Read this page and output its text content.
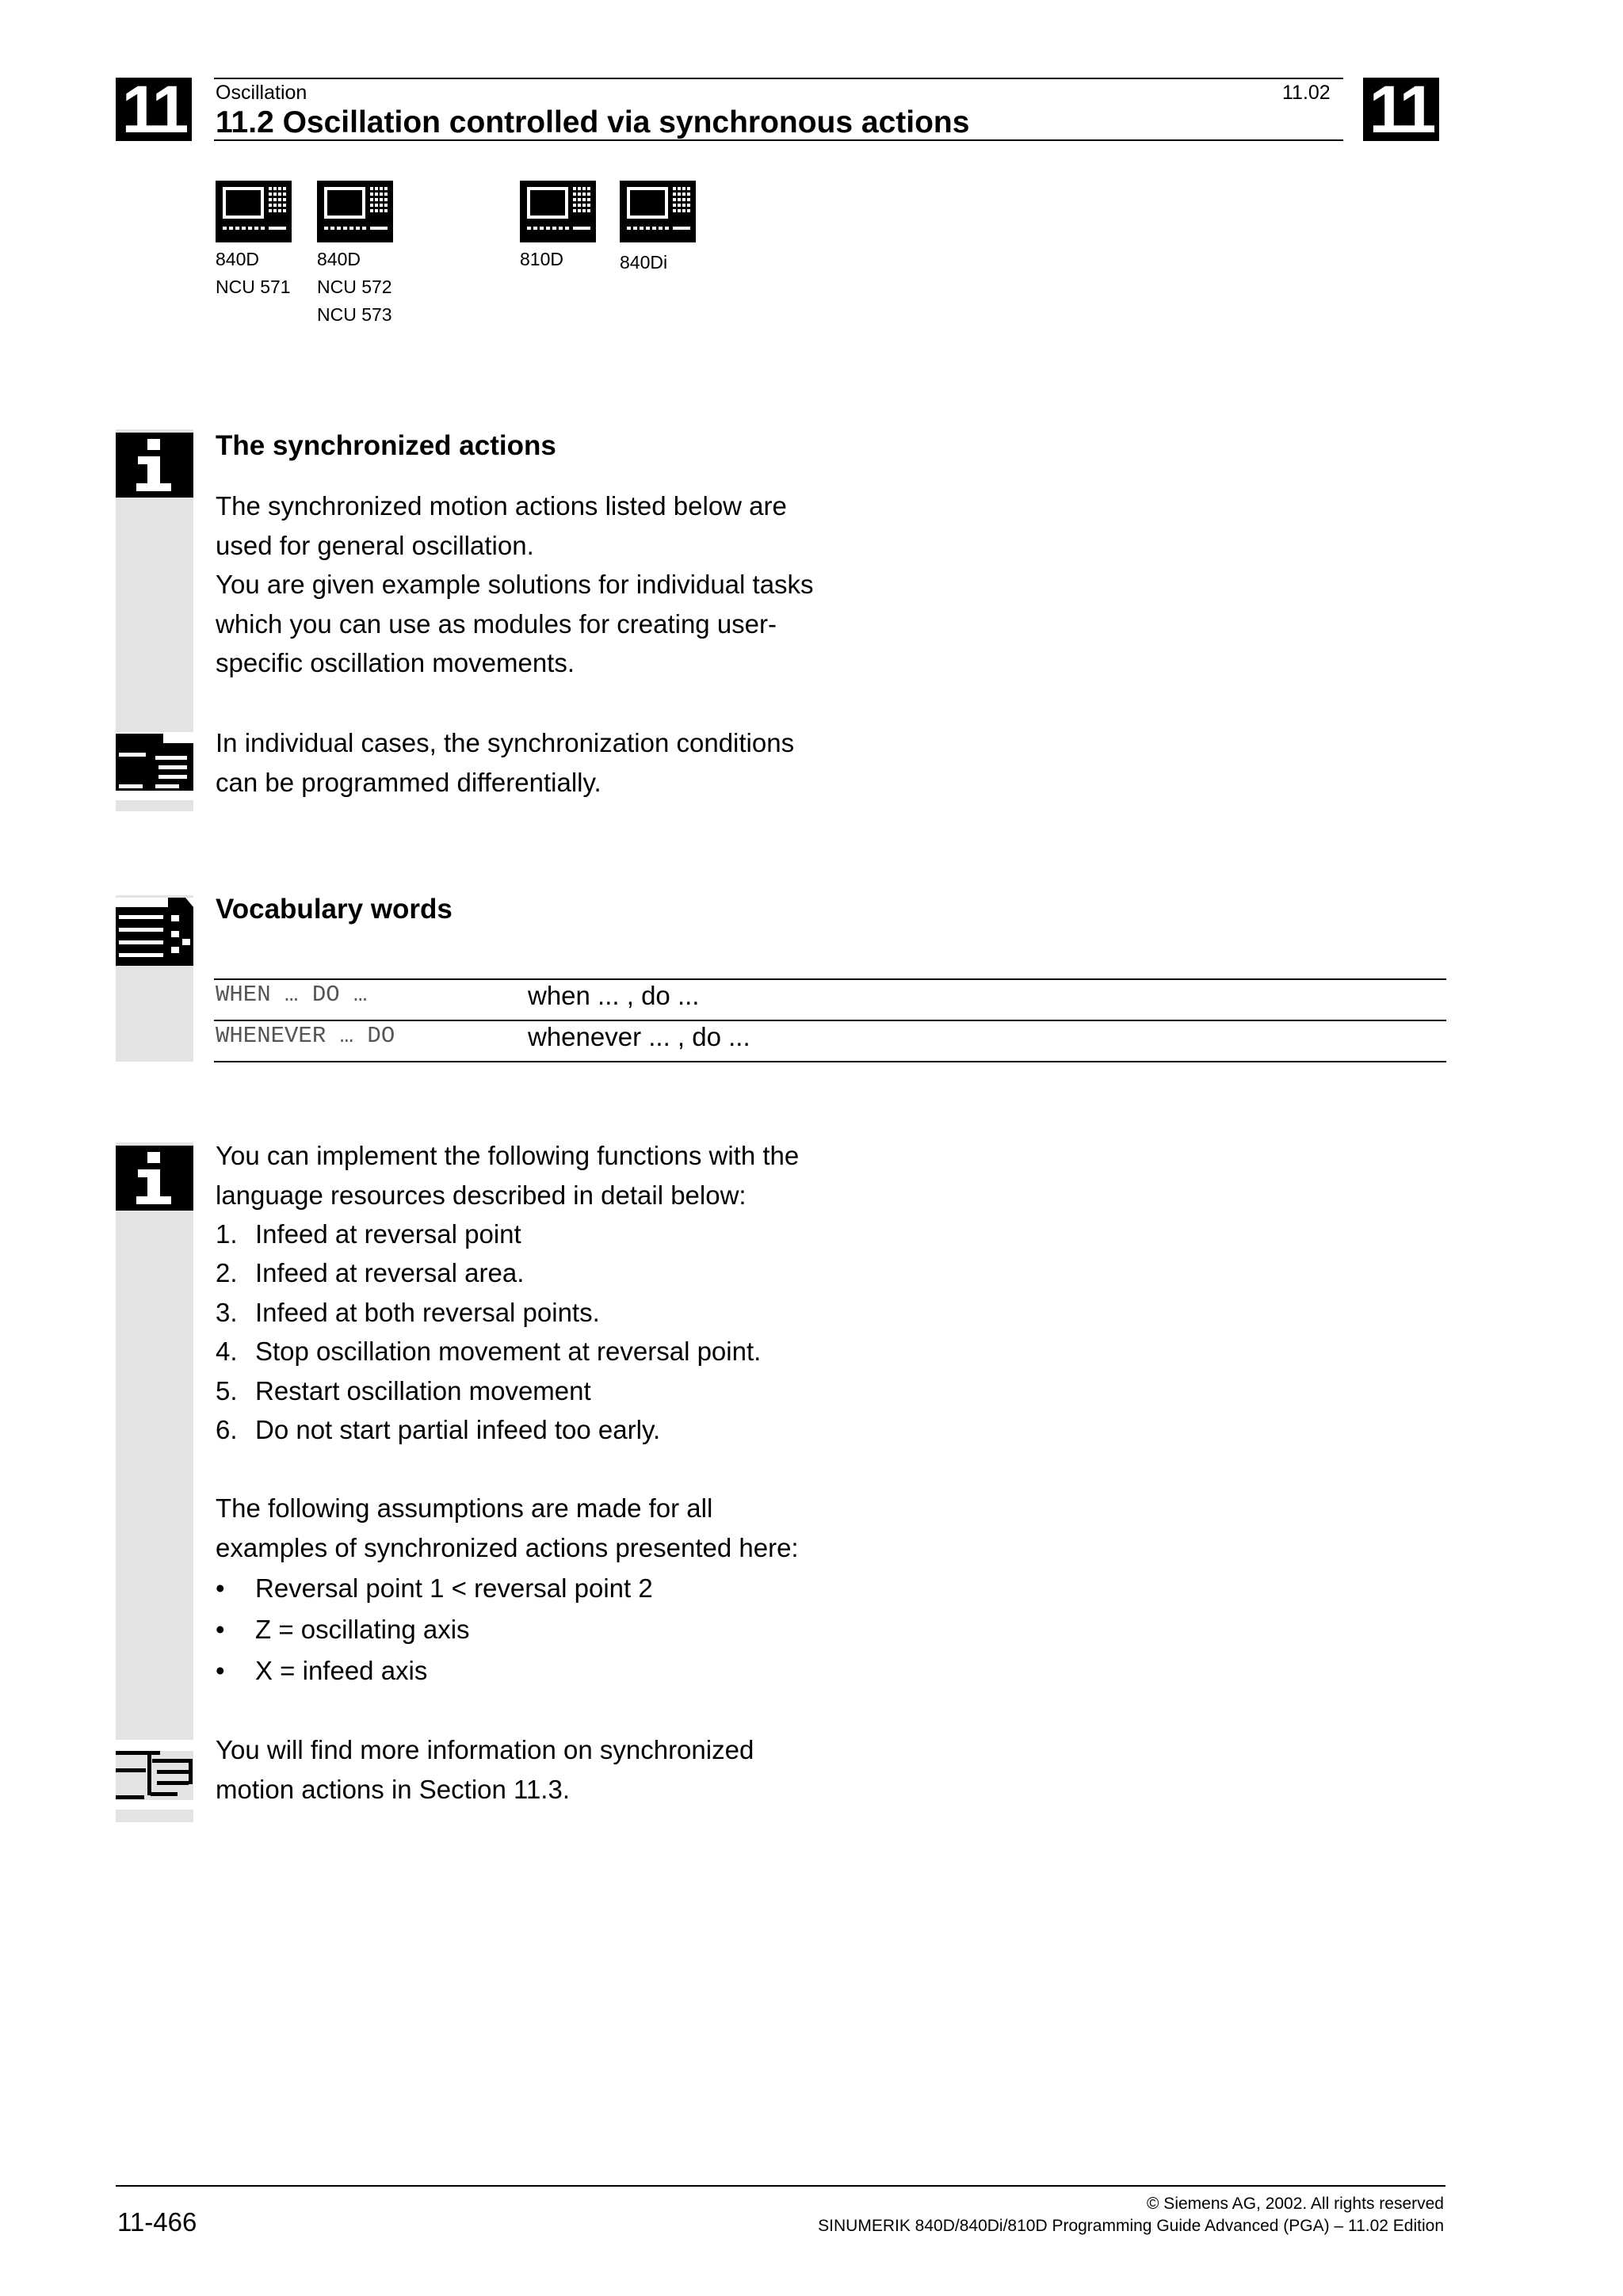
11	11
Oscillation	11.02
11.2 Oscillation controlled via synchronous actions
840D
NCU 571
840D
NCU 572
NCU 573
810D	840Di
The synchronized actions
The synchronized motion actions listed below are
used for general oscillation.
You are given example solutions for individual tasks
which you can use as modules for creating user-
specific oscillation movements.
In individual cases, the synchronization conditions
can be programmed differentially.
Vocabulary words
WHEN … DO …	when ... , do ...
WHENEVER … DO	whenever ... , do ...
You can implement the following functions with the
language resources described in detail below:
1. Infeed at reversal point
2. Infeed at reversal area.
3. Infeed at both reversal points.
4. Stop oscillation movement at reversal point.
5. Restart oscillation movement
6. Do not start partial infeed too early.
The following assumptions are made for all
examples of synchronized actions presented here:
• Reversal point 1 < reversal point 2
• Z = oscillating axis
• X = infeed axis
You will find more information on synchronized
motion actions in Section 11.3.
11-466
© Siemens AG, 2002. All rights reserved
SINUMERIK 840D/840Di/810D Programming Guide Advanced (PGA) – 11.02 Edition
